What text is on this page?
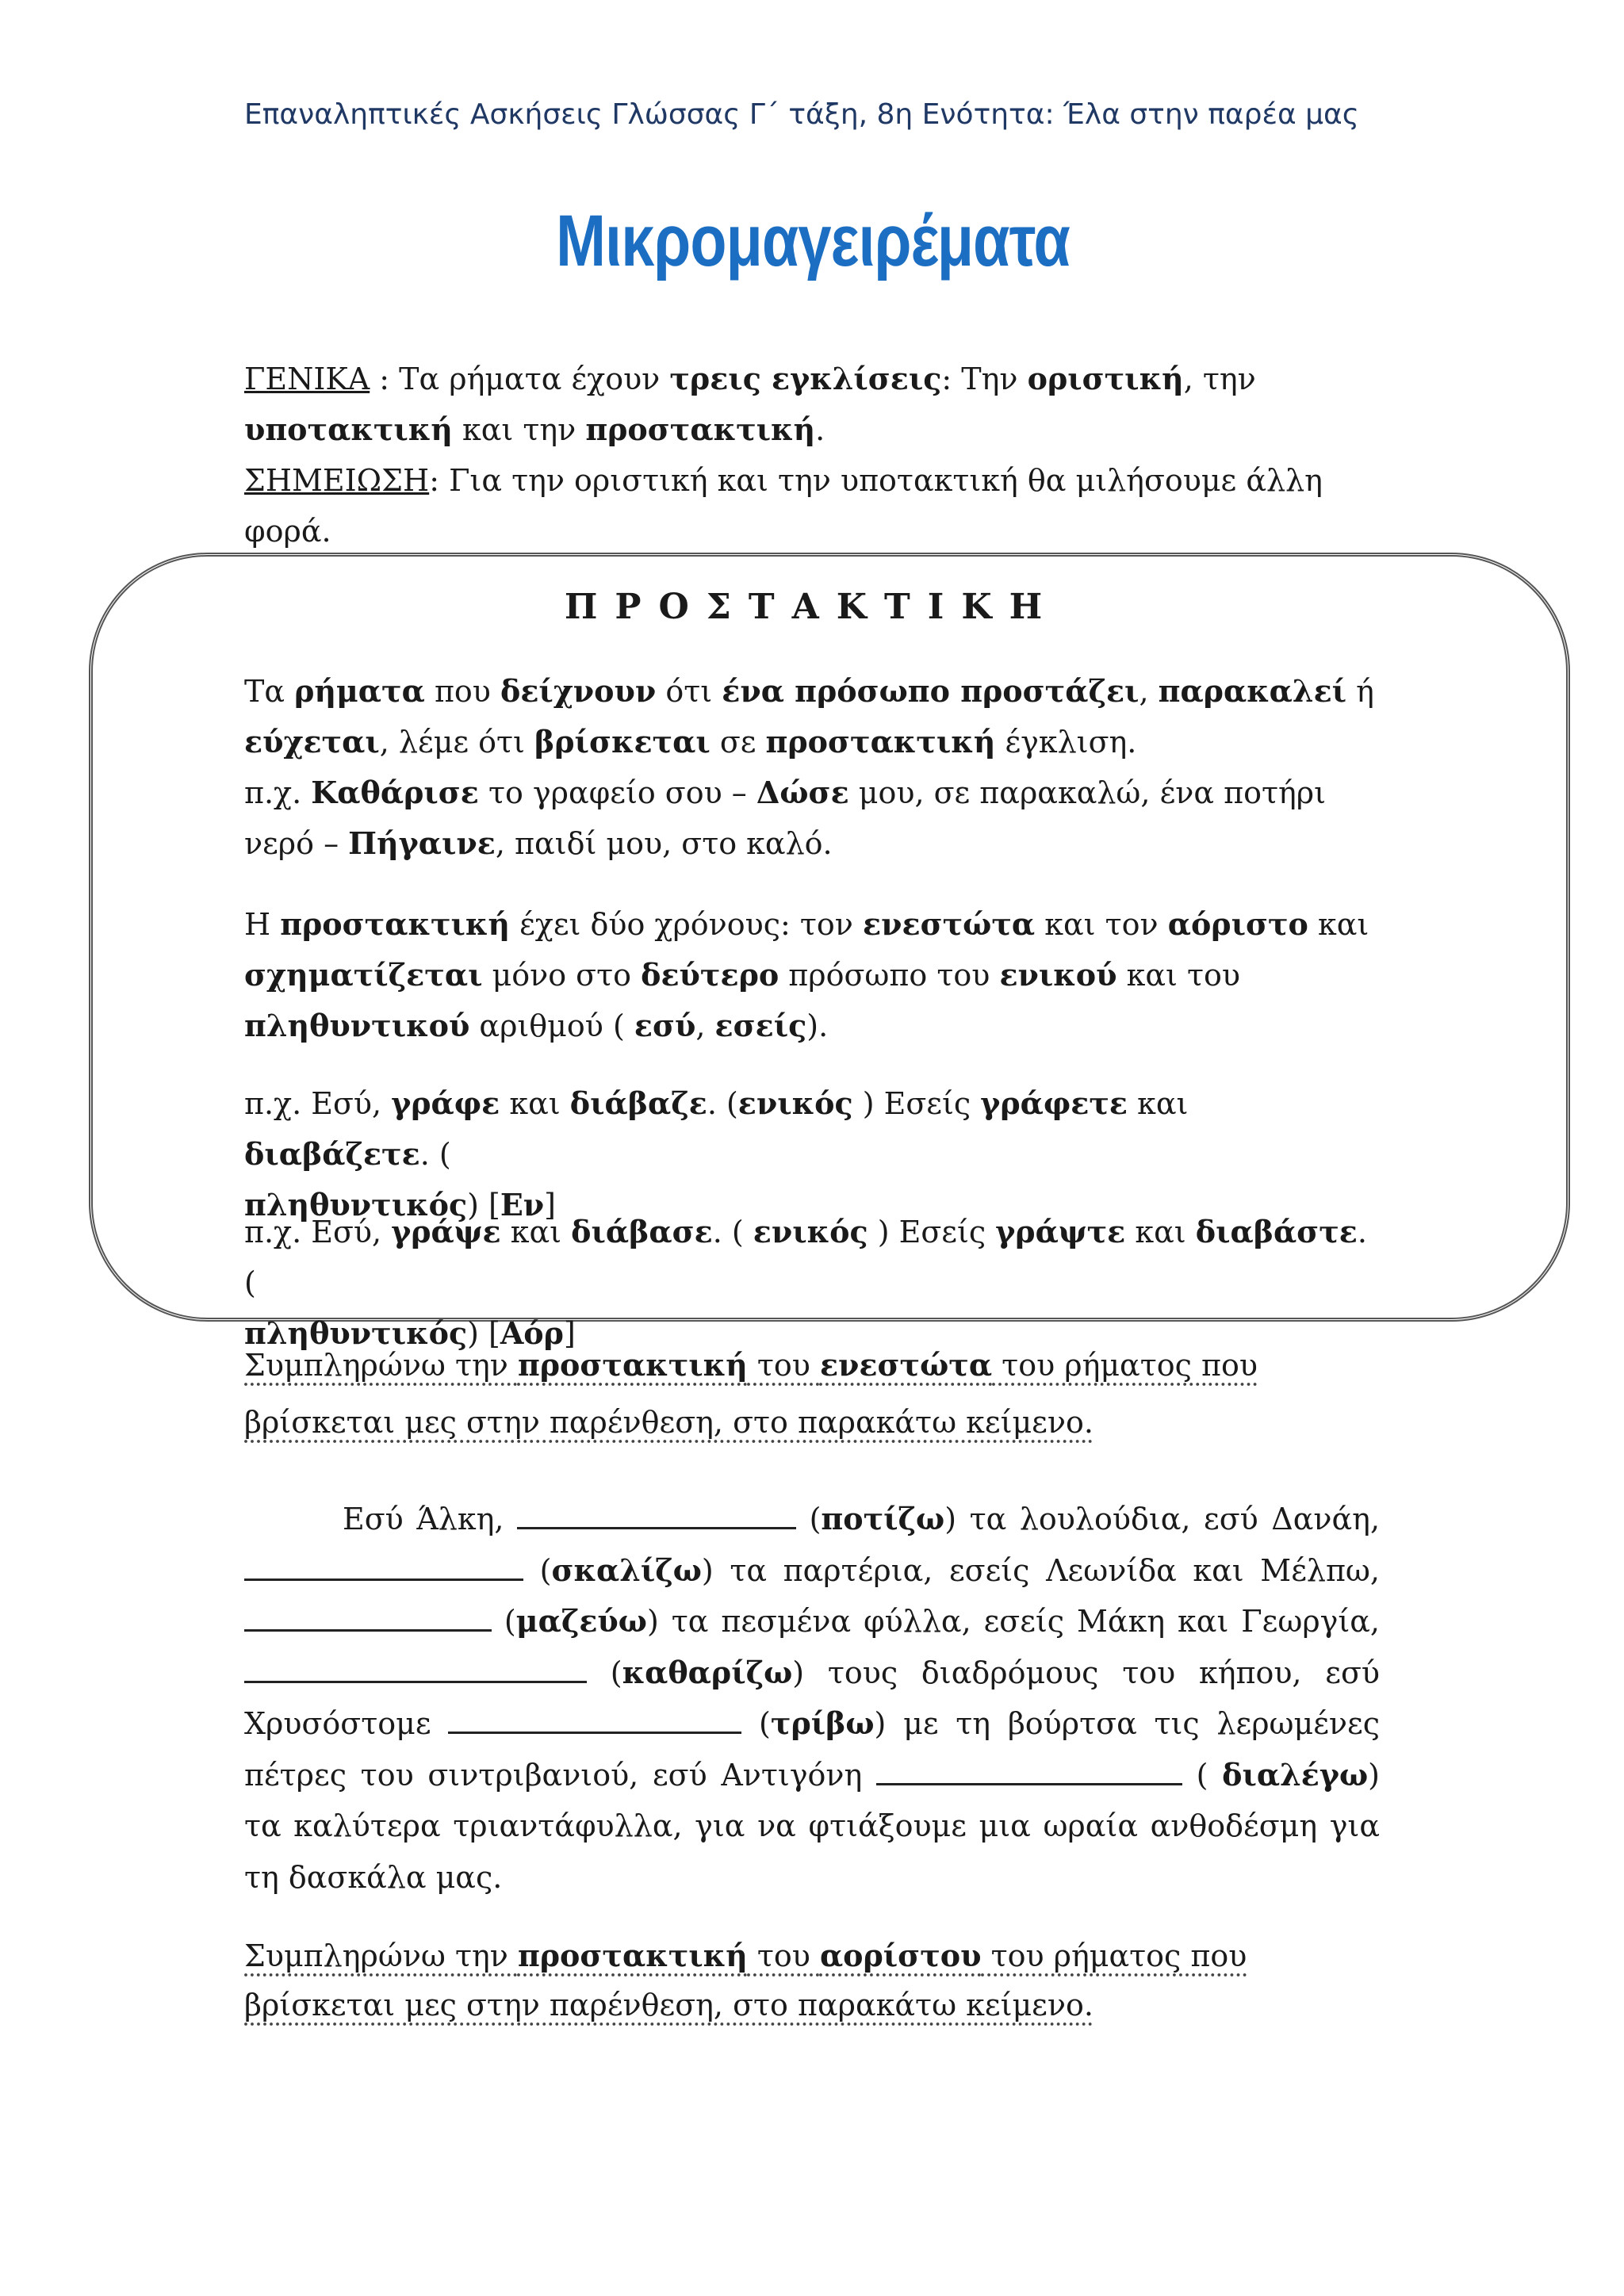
Επαναληπτικές Ασκήσεις Γλώσσας Γ΄ τάξη, 8η Ενότητα: Έλα στην παρέα μας
Μικρομαγειρέματα

ΓΕΝΙΚΑ : Τα ρήματα έχουν τρεις εγκλίσεις: Την οριστική, την
υποτακτική και την προστακτική.
ΣΗΜΕΙΩΣΗ: Για την οριστική και την υποτακτική θα μιλήσουμε άλλη φορά.

ΠΡΟΣΤΑΚΤΙΚΗ

Τα ρήματα που δείχνουν ότι ένα πρόσωπο προστάζει, παρακαλεί ή
εύχεται, λέμε ότι βρίσκεται σε προστακτική έγκλιση.
π.χ. Καθάρισε το γραφείο σου – Δώσε μου, σε παρακαλώ, ένα ποτήρι νερό – Πήγαινε, παιδί μου, στο καλό.

Η προστακτική έχει δύο χρόνους: τον ενεστώτα και τον αόριστο και
σχηματίζεται μόνο στο δεύτερο πρόσωπο του ενικού και του
πληθυντικού αριθμού ( εσύ, εσείς).

π.χ. Εσύ, γράφε και διάβαζε. (ενικός ) Εσείς γράφετε και διαβάζετε. (
πληθυντικός) [Εν]

π.χ. Εσύ, γράψε και διάβασε. ( ενικός ) Εσείς γράψτε και διαβάστε. (
πληθυντικός) [Αόρ]

Συμπληρώνω την προστακτική του ενεστώτα του ρήματος που βρίσκεται μες στην παρένθεση, στο παρακάτω κείμενο.

Εσύ Άλκη,	(ποτίζω) τα λουλούδια, εσύ Δανάη,  (σκαλίζω) τα παρτέρια, εσείς Λεωνίδα και Μέλπω,  (μαζεύω) τα πεσμένα φύλλα, εσείς Μάκη και Γεωργία,  (καθαρίζω) τους διαδρόμους του κήπου, εσύ Χρυσόστομε	(τρίβω) με τη βούρτσα τις λερωμένες πέτρες του σιντριβανιού, εσύ Αντιγόνη	( διαλέγω) τα καλύτερα τριαντάφυλλα, για να φτιάξουμε μια ωραία ανθοδέσμη για τη δασκάλα μας.

Συμπληρώνω την προστακτική του αορίστου του ρήματος που βρίσκεται μες στην παρένθεση, στο παρακάτω κείμενο.
